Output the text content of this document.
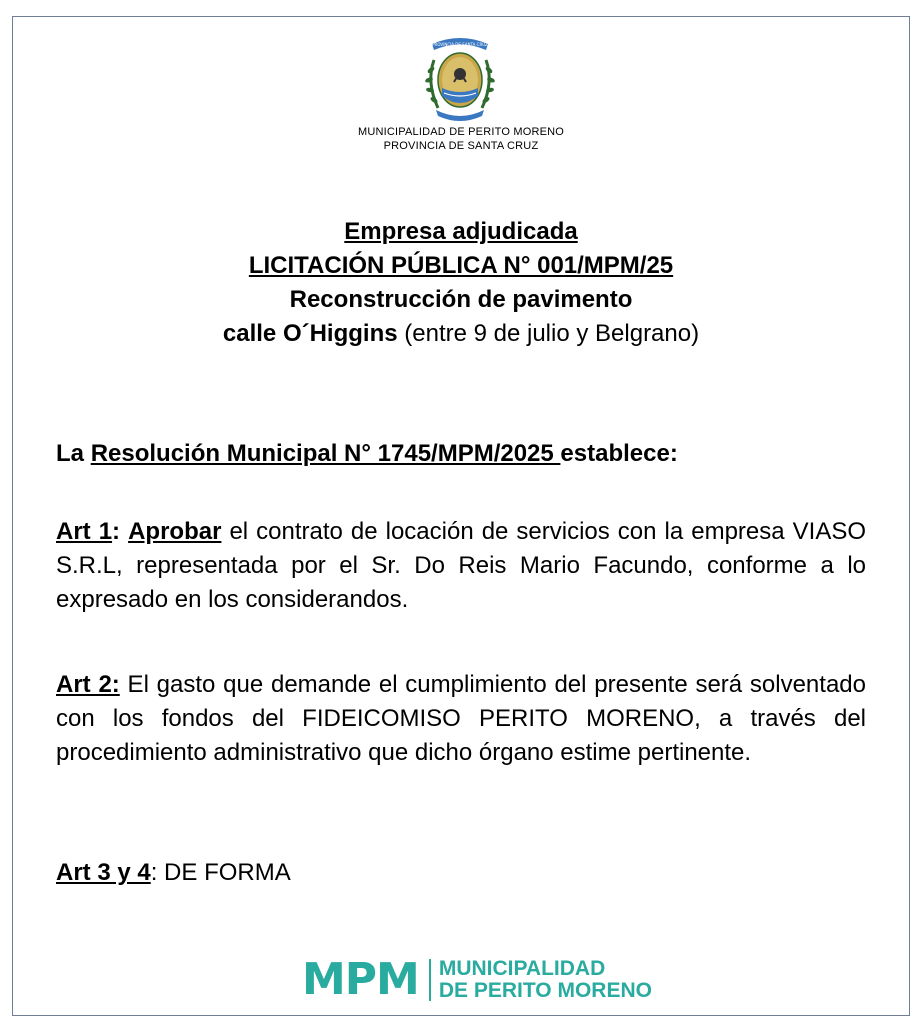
PROVINCIA DE SANTA CRUZ
MUNICIPALIDAD DE PERITO MORENO
PROVINCIA DE SANTA CRUZ
Empresa adjudicada
LICITACIÓN PÚBLICA N° 001/MPM/25
Reconstrucción de pavimento
calle O´Higgins (entre 9 de julio y Belgrano)
La Resolución Municipal N° 1745/MPM/2025 establece:
Art 1: Aprobar el contrato de locación de servicios con la empresa VIASO S.R.L, representada por el Sr. Do Reis Mario Facundo, conforme a lo expresado en los considerandos.
Art 2: El gasto que demande el cumplimiento del presente será solventado con los fondos del FIDEICOMISO PERITO MORENO, a través del procedimiento administrativo que dicho órgano estime pertinente.
Art 3 y 4: DE FORMA
MPM MUNICIPALIDAD
DE PERITO MORENO
